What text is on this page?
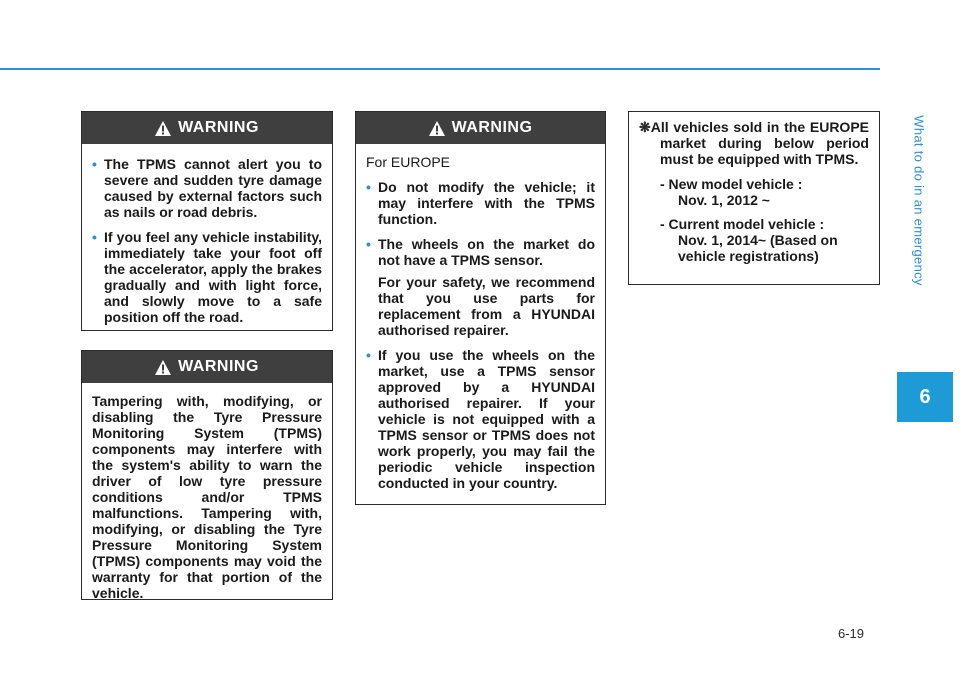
What to do in an emergency
6
6-19
WARNING
• The TPMS cannot alert you to severe and sudden tyre damage caused by external factors such as nails or road debris.
• If you feel any vehicle instability, immediately take your foot off the accelerator, apply the brakes gradually and with light force, and slowly move to a safe position off the road.
WARNING
Tampering with, modifying, or disabling the Tyre Pressure Monitoring System (TPMS) components may interfere with the system's ability to warn the driver of low tyre pressure conditions and/or TPMS malfunctions. Tampering with, modifying, or disabling the Tyre Pressure Monitoring System (TPMS) components may void the warranty for that portion of the vehicle.
WARNING
For EUROPE
• Do not modify the vehicle; it may interfere with the TPMS function.
• The wheels on the market do not have a TPMS sensor.
For your safety, we recommend that you use parts for replacement from a HYUNDAI authorised repairer.
• If you use the wheels on the market, use a TPMS sensor approved by a HYUNDAI authorised repairer. If your vehicle is not equipped with a TPMS sensor or TPMS does not work properly, you may fail the periodic vehicle inspection conducted in your country.
❋All vehicles sold in the EUROPE market during below period must be equipped with TPMS.
- New model vehicle :
Nov. 1, 2012 ~
- Current model vehicle :
Nov. 1, 2014~ (Based on vehicle registrations)
